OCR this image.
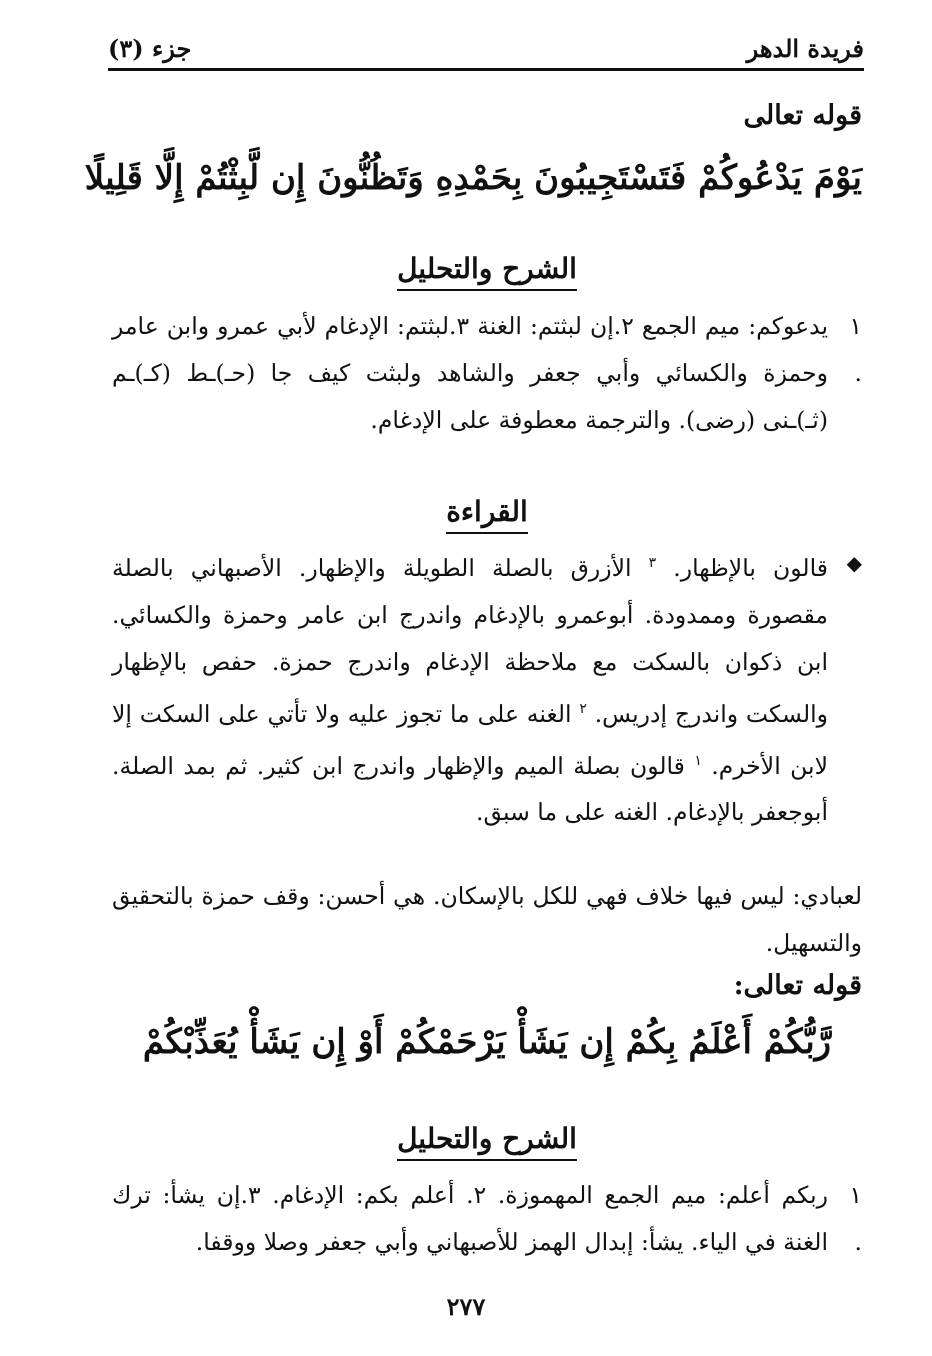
فريدة الدهر
جزء (٣)
قوله تعالى
يَوْمَ يَدْعُوكُمْ فَتَسْتَجِيبُونَ بِحَمْدِهِ وَتَظُنُّونَ إِن لَّبِثْتُمْ إِلَّا قَلِيلًا
الشرح والتحليل
١ .
يدعوكم: ميم الجمع ٢.إن لبثتم: الغنة ٣.لبثتم: الإدغام لأبي عمرو وابن عامر وحمزة والكسائي وأبي جعفر والشاهد ولبثت كيف جا (حـ)ـط (كـ)ـم (ثـ)ـنى (رضى). والترجمة معطوفة على الإدغام.
القراءة
◆
قالون بالإظهار. $^٣$ الأزرق بالصلة الطويلة والإظهار. الأصبهاني بالصلة مقصورة وممدودة. أبوعمرو بالإدغام واندرج ابن عامر وحمزة والكسائي. ابن ذكوان بالسكت مع ملاحظة الإدغام واندرج حمزة. حفص بالإظهار والسكت واندرج إدريس. $^٢$ الغنه على ما تجوز عليه ولا تأتي على السكت إلا لابن الأخرم. $^١$ قالون بصلة الميم والإظهار واندرج ابن كثير. ثم بمد الصلة. أبوجعفر بالإدغام. الغنه على ما سبق.
لعبادي: ليس فيها خلاف فهي للكل بالإسكان. هي أحسن: وقف حمزة بالتحقيق والتسهيل.
قوله تعالى:
رَّبُّكُمْ أَعْلَمُ بِكُمْ إِن يَشَأْ يَرْحَمْكُمْ أَوْ إِن يَشَأْ يُعَذِّبْكُمْ
الشرح والتحليل
١ .
ربكم أعلم: ميم الجمع المهموزة. ٢. أعلم بكم: الإدغام. ٣.إن يشأ: ترك الغنة في الياء. يشأ: إبدال الهمز للأصبهاني وأبي جعفر وصلا ووقفا.
٢٧٧
